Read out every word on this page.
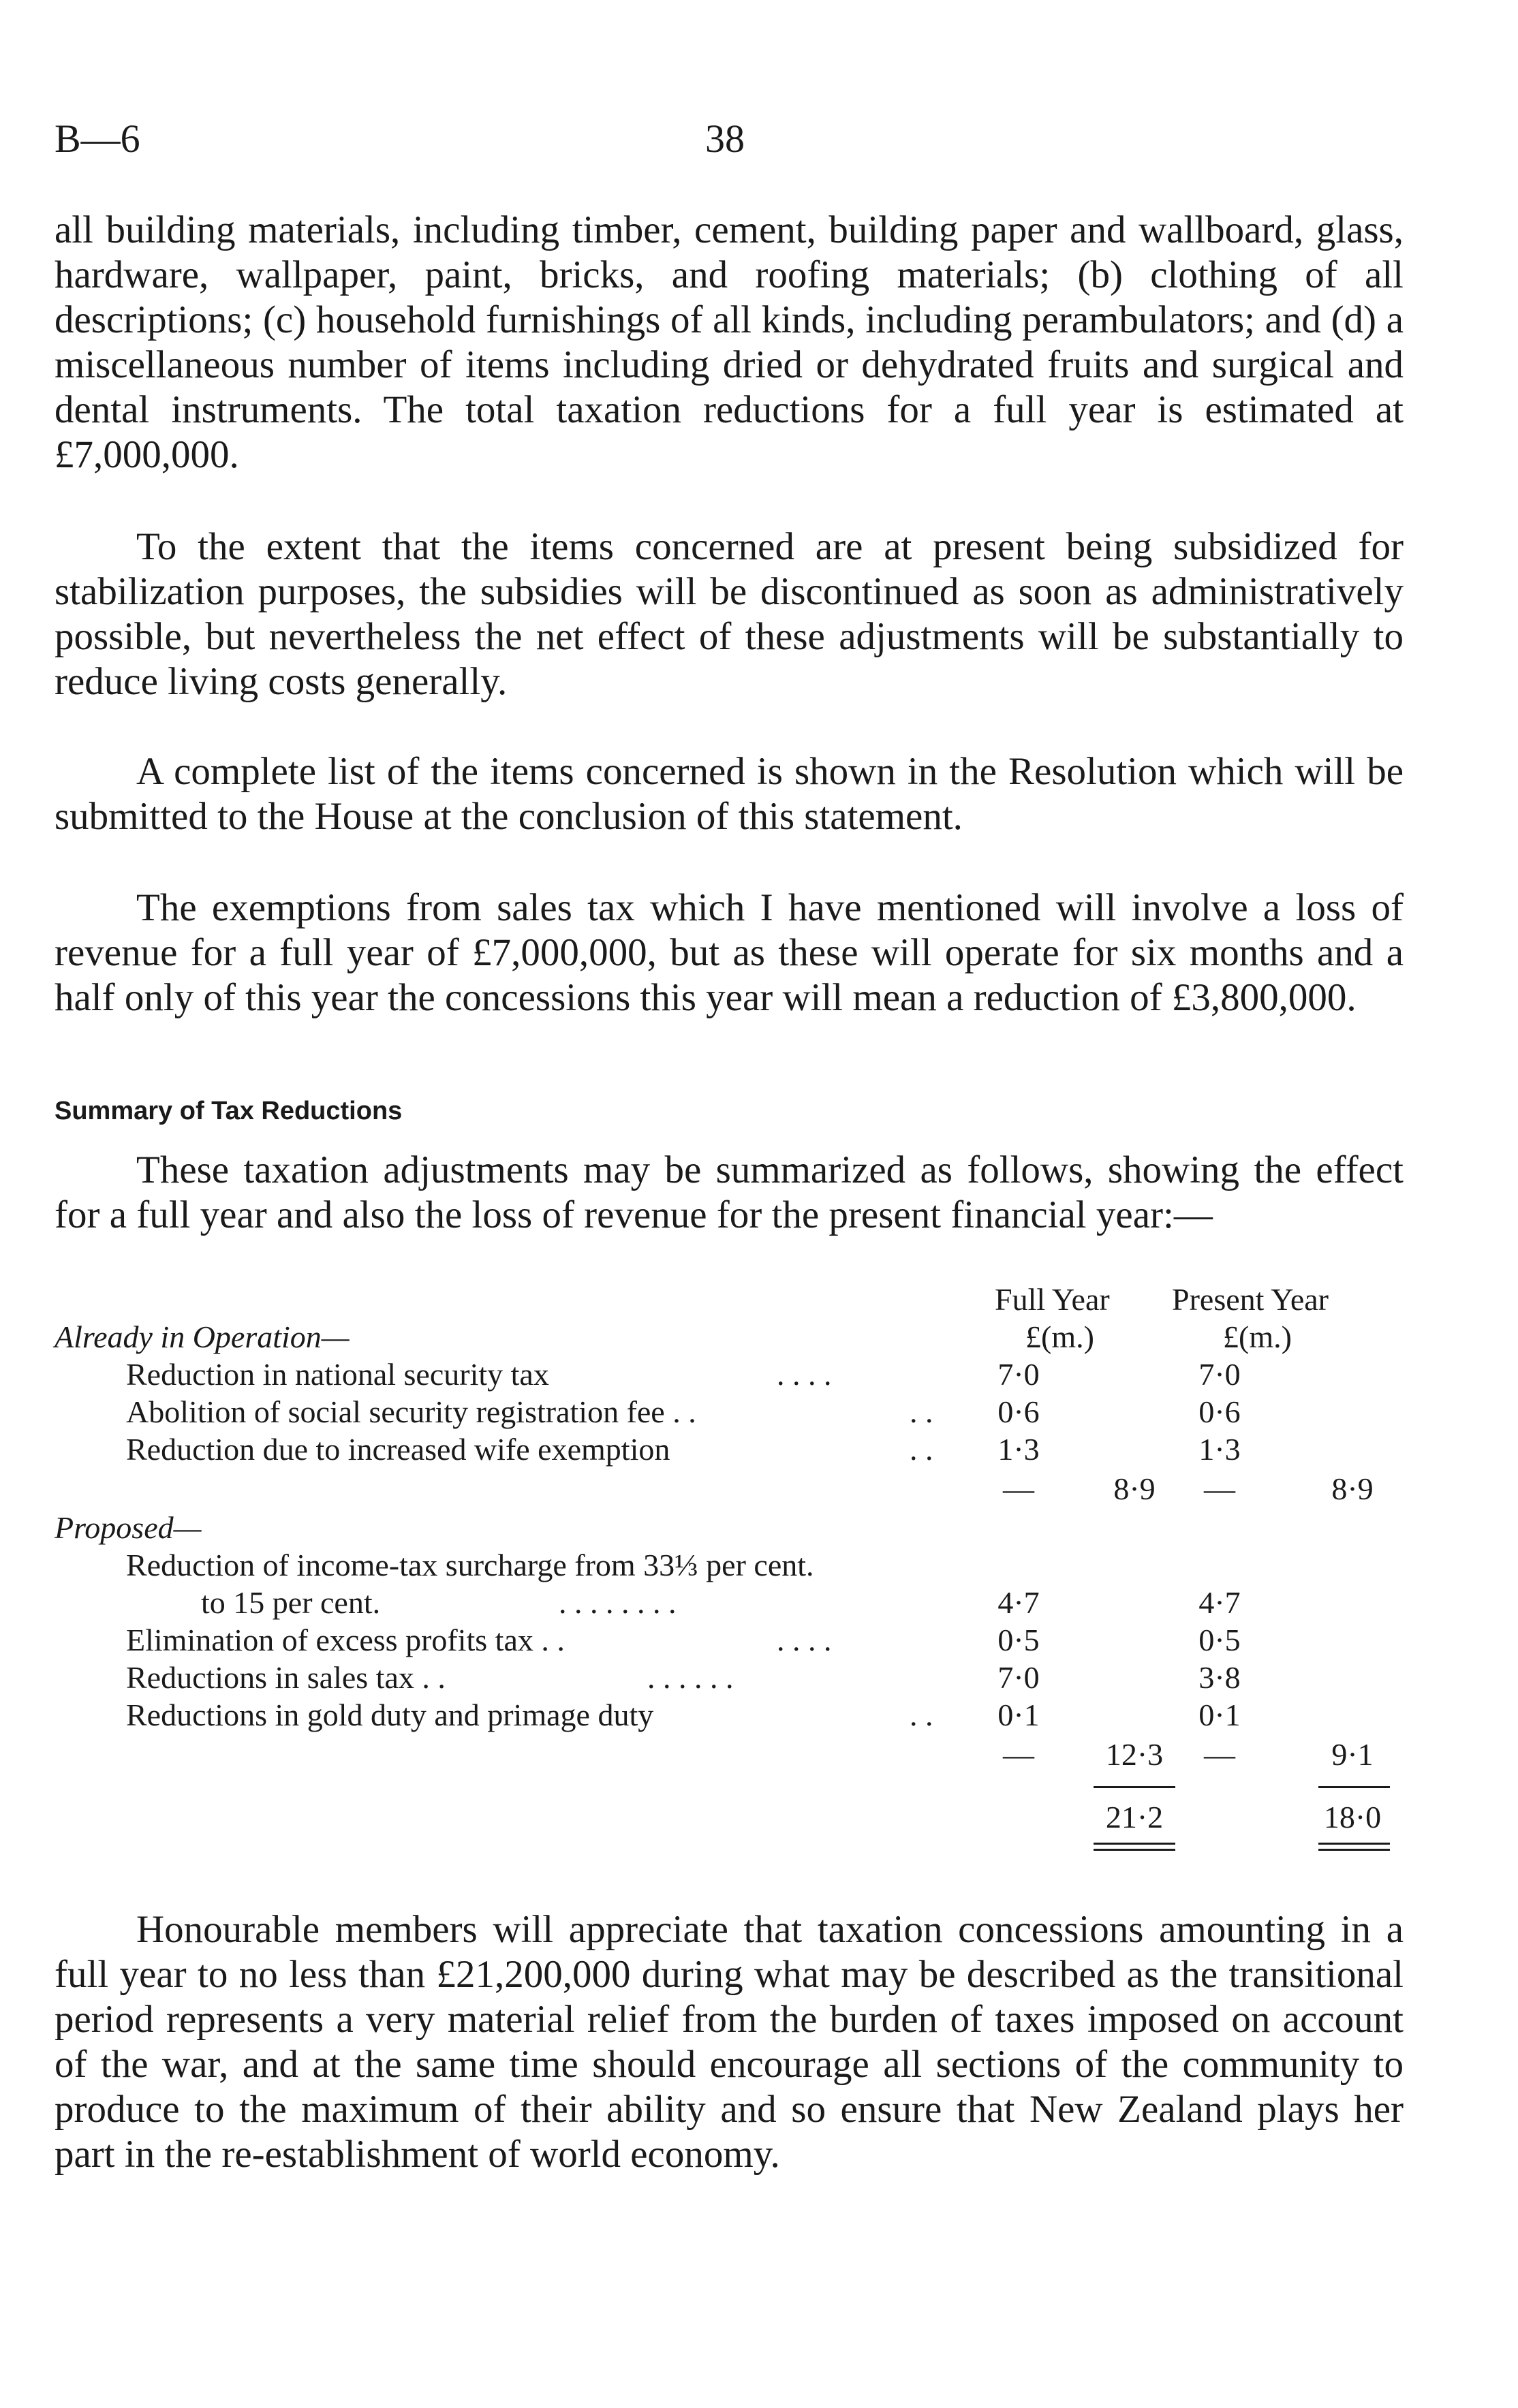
B—6	38

all building materials, including timber, cement, building paper and wallboard, glass, hardware, wallpaper, paint, bricks, and roofing materials; (b) clothing of all descriptions; (c) household furnishings of all kinds, including perambulators; and (d) a miscellaneous number of items including dried or dehydrated fruits and surgical and dental instruments. The total taxation reductions for a full year is estimated at £7,000,000.

To the extent that the items concerned are at present being subsidized for stabilization purposes, the subsidies will be discontinued as soon as administratively possible, but nevertheless the net effect of these adjustments will be substantially to reduce living costs generally.

A complete list of the items concerned is shown in the Resolution which will be submitted to the House at the conclusion of this statement.

The exemptions from sales tax which I have mentioned will involve a loss of revenue for a full year of £7,000,000, but as these will operate for six months and a half only of this year the concessions this year will mean a reduction of £3,800,000.

Summary of Tax Reductions

These taxation adjustments may be summarized as follows, showing the effect for a full year and also the loss of revenue for the present financial year:—

Full Year Present Year
£(m.)	£(m.)
Already in Operation—
Reduction in national security tax	. . . .	7·0	7·0
Abolition of social security registration fee . .	. .	0·6	0·6
Reduction due to increased wife exemption	. .	1·3	1·3
—	8·9	—	8·9
Proposed—
Reduction of income-tax surcharge from 33⅓ per cent.
to 15 per cent.	. . . . . . . .	4·7	4·7
Elimination of excess profits tax . .	. . . .	0·5	0·5
Reductions in sales tax . .	. . . . . .	7·0	3·8
Reductions in gold duty and primage duty	. .	0·1	0·1
—	12·3	—	9·1
21·2	18·0

Honourable members will appreciate that taxation concessions amounting in a full year to no less than £21,200,000 during what may be described as the transitional period represents a very material relief from the burden of taxes imposed on account of the war, and at the same time should encourage all sections of the community to produce to the maximum of their ability and so ensure that New Zealand plays her part in the re-establishment of world economy.
